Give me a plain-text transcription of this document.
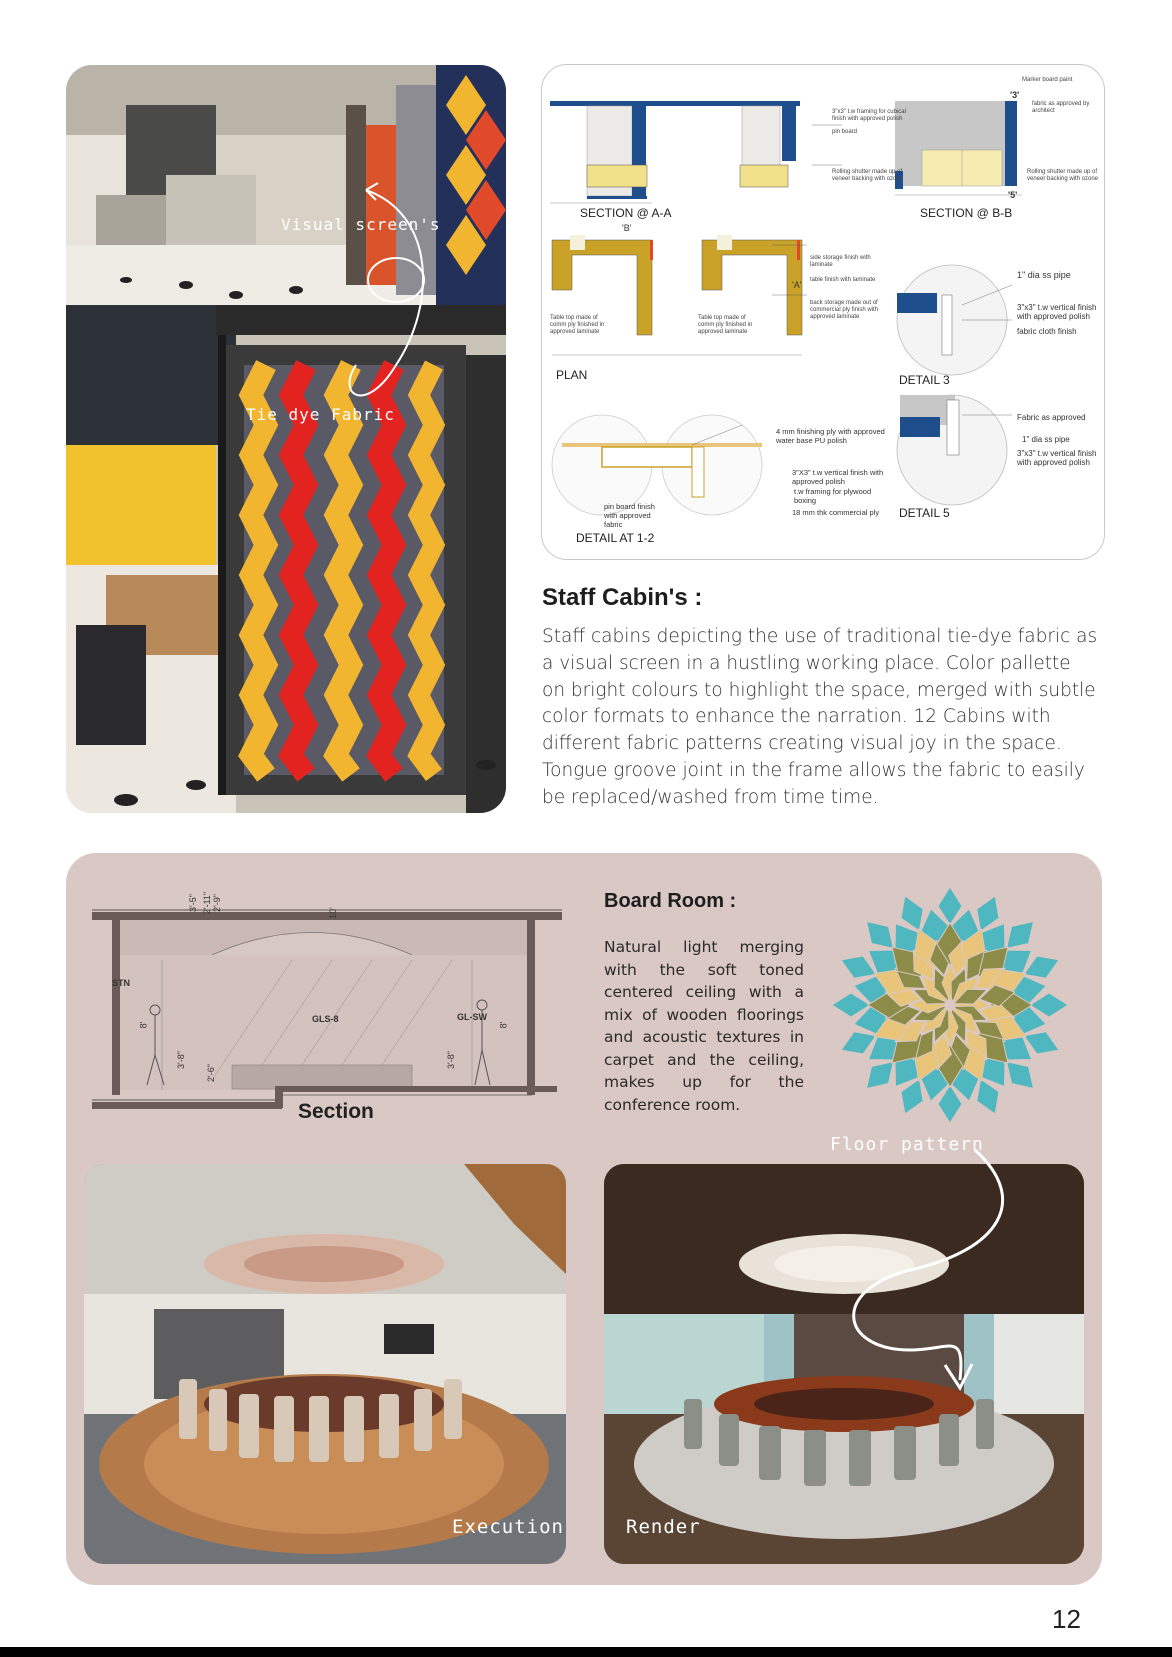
Visual screen's
Tie dye Fabric
SECTION @ A-A	SECTION @ B-B
PLAN	DETAIL 3
DETAIL 5
DETAIL AT 1-2
3"x3" t.w framing for cubical finish with approved polish
pin board
Rolling shutter made up of veneer backing with ozone
Marker board paint
fabric as approved by architect
Rolling shutter made up of veneer backing with ozone
side storage finish with laminate
table finish with laminate
back storage made out of commercial ply finish with approved laminate
Table top made of comm ply finished in approved laminate
Table top made of comm ply finished in approved laminate
1" dia ss pipe
3"x3" t.w vertical finish with approved polish
fabric cloth finish
Fabric as approved
1" dia ss pipe
3"x3" t.w vertical finish with approved polish
4 mm finishing ply with approved water base PU polish
3"X3" t.w vertical finish with approved polish
t.w framing for plywood boxing
18 mm thk commercial ply
pin board finish with approved fabric
'3'
'5'
'A'
'B'
Staff Cabin's :
Staff cabins depicting the use of traditional tie-dye fabric as
a visual screen in a hustling working place. Color pallette
on bright colours to highlight the space, merged with subtle
color formats to enhance the narration. 12 Cabins with
different fabric patterns creating visual joy in the space.
Tongue groove joint in the frame allows the fabric to easily
be replaced/washed from time time.
STN
GLS-8	GL-SW
3'-5" 2'-11" 2'-9"
10'
8'
3'-8"
2'-6"
3'-8"
8'
Section
Board Room :
Natural light merging with the soft toned centered ceiling with a mix of wooden floorings and acoustic textures in carpet and the ceiling, makes up for the conference room.
Floor pattern
Execution	Render
12
